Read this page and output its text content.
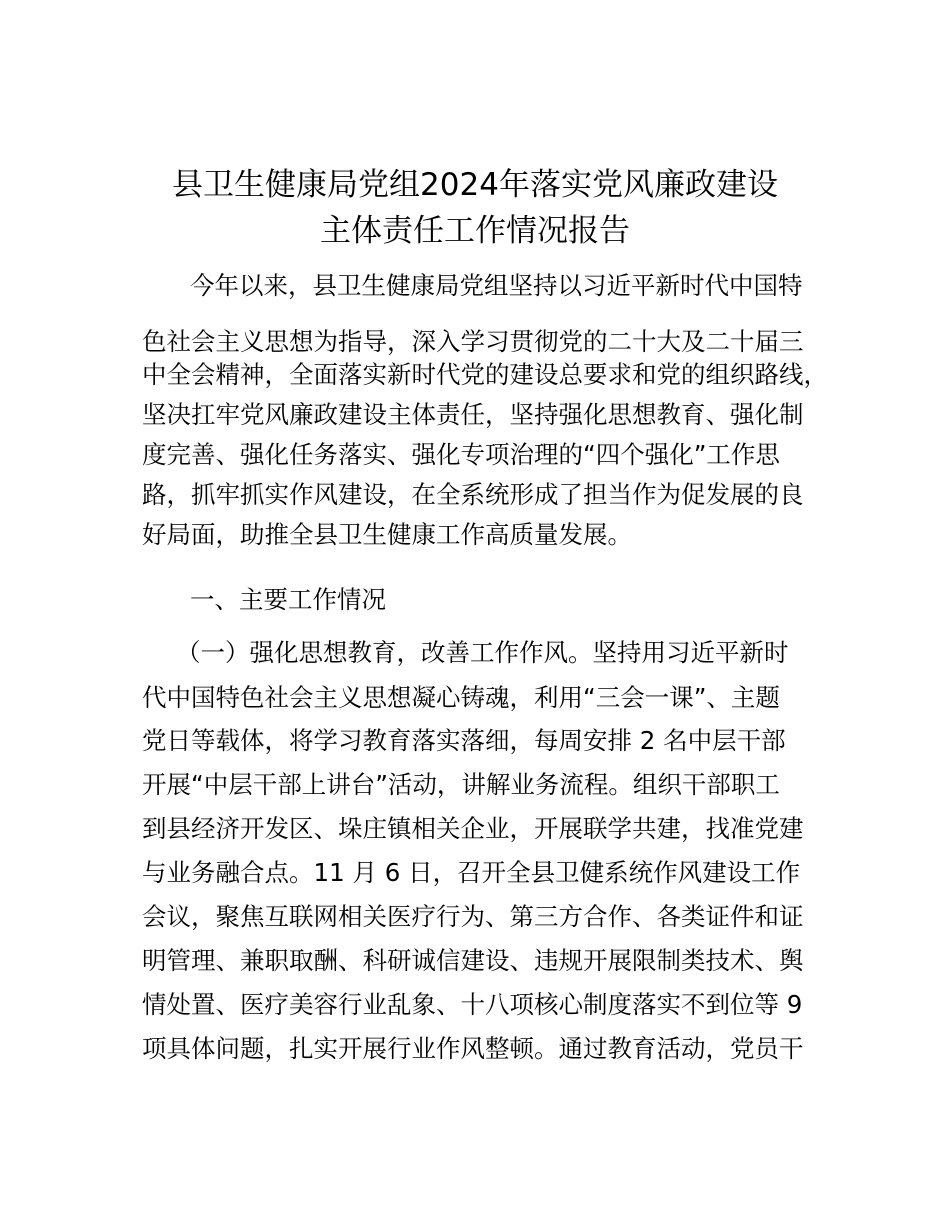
县卫生健康局党组2024年落实党风廉政建设
主体责任工作情况报告

今年以来，县卫生健康局党组坚持以习近平新时代中国特

色社会主义思想为指导，深入学习贯彻党的二十大及二十届三

中全会精神，全面落实新时代党的建设总要求和党的组织路线，

坚决扛牢党风廉政建设主体责任，坚持强化思想教育、强化制

度完善、强化任务落实、强化专项治理的“四个强化”工作思

路，抓牢抓实作风建设，在全系统形成了担当作为促发展的良

好局面，助推全县卫生健康工作高质量发展。

一、主要工作情况

（一）强化思想教育，改善工作作风。坚持用习近平新时

代中国特色社会主义思想凝心铸魂，利用“三会一课”、主题

党日等载体，将学习教育落实落细，每周安排 2 名中层干部

开展“中层干部上讲台”活动，讲解业务流程。组织干部职工

到县经济开发区、垛庄镇相关企业，开展联学共建，找准党建

与业务融合点。11 月 6 日，召开全县卫健系统作风建设工作

会议，聚焦互联网相关医疗行为、第三方合作、各类证件和证

明管理、兼职取酬、科研诚信建设、违规开展限制类技术、舆

情处置、医疗美容行业乱象、十八项核心制度落实不到位等 9

项具体问题，扎实开展行业作风整顿。通过教育活动，党员干
